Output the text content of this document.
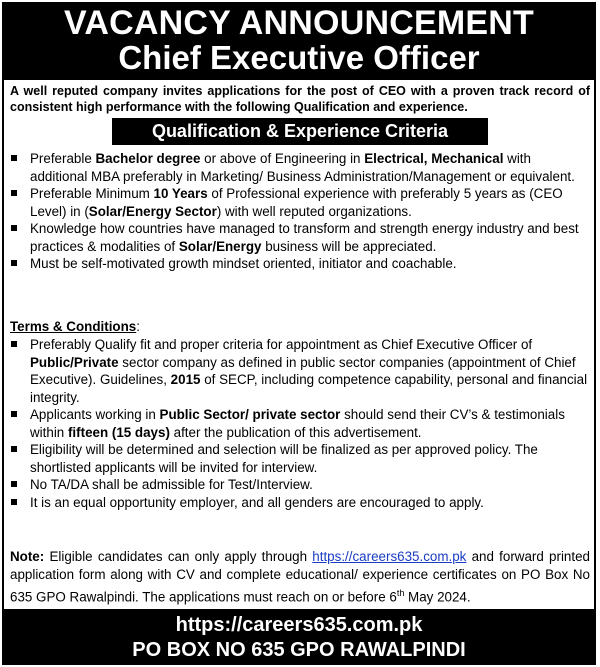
VACANCY ANNOUNCEMENT
Chief Executive Officer
A well reputed company invites applications for the post of CEO with a proven track record of consistent high performance with the following Qualification and experience.
Qualification & Experience Criteria
Preferable Bachelor degree or above of Engineering in Electrical, Mechanical with additional MBA preferably in Marketing/ Business Administration/Management or equivalent.
Preferable Minimum 10 Years of Professional experience with preferably 5 years as (CEO Level) in (Solar/Energy Sector) with well reputed organizations.
Knowledge how countries have managed to transform and strength energy industry and best practices & modalities of Solar/Energy business will be appreciated.
Must be self-motivated growth mindset oriented, initiator and coachable.
Terms & Conditions:
Preferably Qualify fit and proper criteria for appointment as Chief Executive Officer of Public/Private sector company as defined in public sector companies (appointment of Chief Executive). Guidelines, 2015 of SECP, including competence capability, personal and financial integrity.
Applicants working in Public Sector/ private sector should send their CV’s & testimonials within fifteen (15 days) after the publication of this advertisement.
Eligibility will be determined and selection will be finalized as per approved policy. The shortlisted applicants will be invited for interview.
No TA/DA shall be admissible for Test/Interview.
It is an equal opportunity employer, and all genders are encouraged to apply.
Note: Eligible candidates can only apply through https://careers635.com.pk and forward printed application form along with CV and complete educational/ experience certificates on PO Box No 635 GPO Rawalpindi. The applications must reach on or before 6th May 2024.
https://careers635.com.pk
PO BOX NO 635 GPO RAWALPINDI
